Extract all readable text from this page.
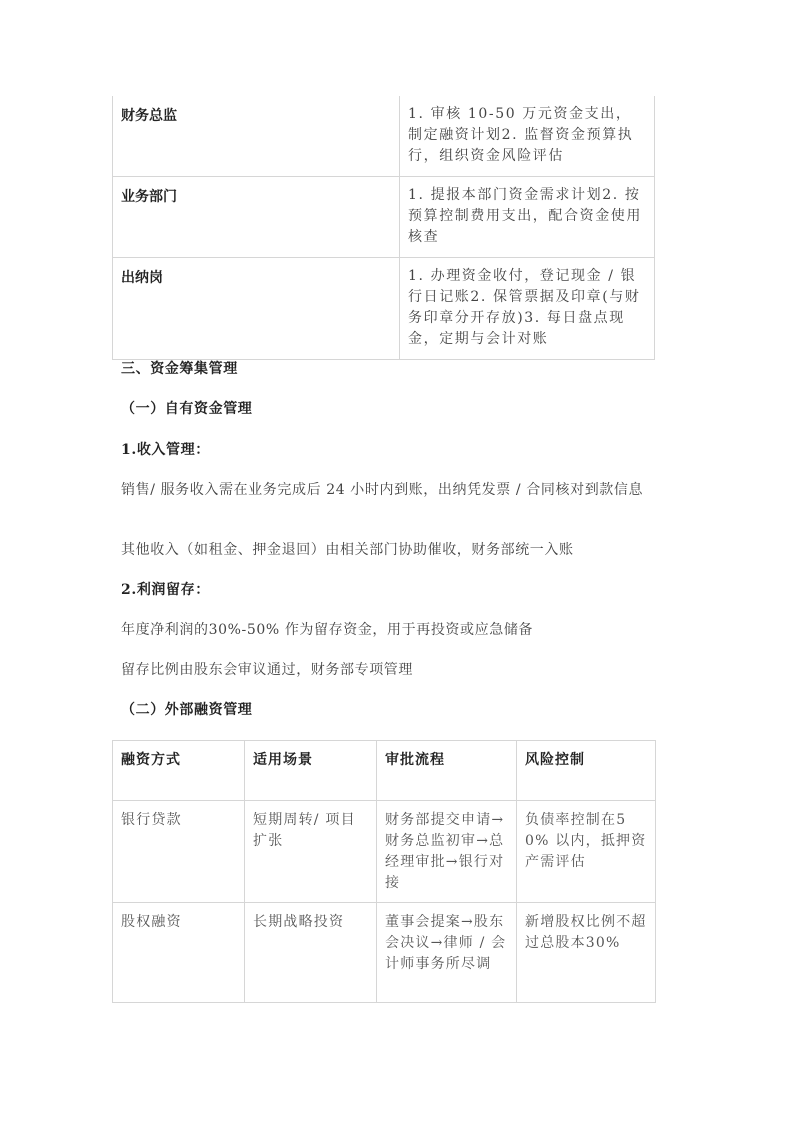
财务总监	1. 审核 10-50 万元资金支出，制定融资计划2. 监督资金预算执行，组织资金风险评估
业务部门	1. 提报本部门资金需求计划2. 按预算控制费用支出，配合资金使用核查
出纳岗	1. 办理资金收付，登记现金 / 银行日记账2. 保管票据及印章(与财务印章分开存放)3. 每日盘点现金，定期与会计对账
三、资金筹集管理
（一）自有资金管理
1.收入管理：
销售/ 服务收入需在业务完成后 24 小时内到账，出纳凭发票 / 合同核对到款信息
其他收入（如租金、押金退回）由相关部门协助催收，财务部统一入账
2.利润留存：
年度净利润的30%-50% 作为留存资金，用于再投资或应急储备
留存比例由股东会审议通过，财务部专项管理
（二）外部融资管理
融资方式	适用场景	审批流程	风险控制
银行贷款	短期周转/ 项目扩张	财务部提交申请→财务总监初审→总经理审批→银行对接	负债率控制在50% 以内，抵押资产需评估
股权融资	长期战略投资	董事会提案→股东会决议→律师 / 会计师事务所尽调	新增股权比例不超过总股本30%
